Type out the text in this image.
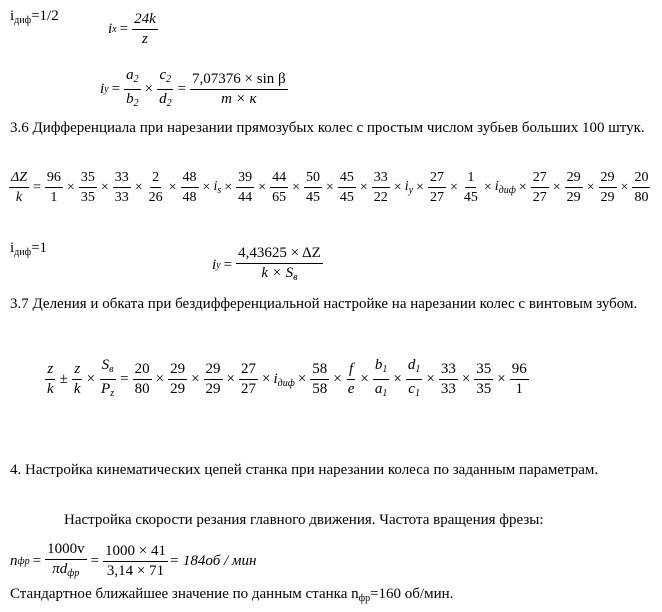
$i_{диф}=1/2$
i $x = \frac{24k}{z}$
i $y = \frac{a_2}{b_2} \times \frac{c_2}{d_2} = \frac{\text{7,07376 × sin β}}{m \times к}$
3.6 Дифференциала при нарезании прямозубых колес с простым числом зубьев больших 100 штук.
$\frac{\Delta Z}{k} = \frac{96}{1} \times \frac{35}{35} \times \frac{33}{33} \times \frac{2}{26} \times \frac{48}{48} \times i_s \times \frac{39}{44} \times \frac{44}{65} \times \frac{50}{45} \times \frac{45}{45} \times \frac{33}{22} \times i_y \times \frac{27}{27} \times \frac{1}{45} \times i_{диф} \times \frac{27}{27} \times \frac{29}{29} \times \frac{29}{29} \times \frac{20}{80}$
$i_{диф}=1$
i $y = \frac{4,43625 \times \Delta Z}{k \times S_в}$
3.7 Деления и обката при бездифференциальной настройке на нарезании колес с винтовым зубом.
$\frac{z}{k} \pm \frac{z}{k} \times \frac{S_в}{P_z} = \frac{20}{80} \times \frac{29}{29} \times \frac{29}{29} \times \frac{27}{27} \times i_{диф} \times \frac{58}{58} \times \frac{f}{e} \times \frac{b_1}{a_1} \times \frac{d_1}{c_1} \times \frac{33}{33} \times \frac{35}{35} \times \frac{96}{1}$
4. Настройка кинематических цепей станка при нарезании колеса по заданным параметрам.
Настройка скорости резания главного движения. Частота вращения фрезы:
n фр = $\frac{1000v}{\pi d_{фр}} = \frac{1000 \times 41}{3,14 \times 71} = 184об$ / мин
Стандартное ближайшее значение по данным станка $n_{фр}=160$ об/мин.
